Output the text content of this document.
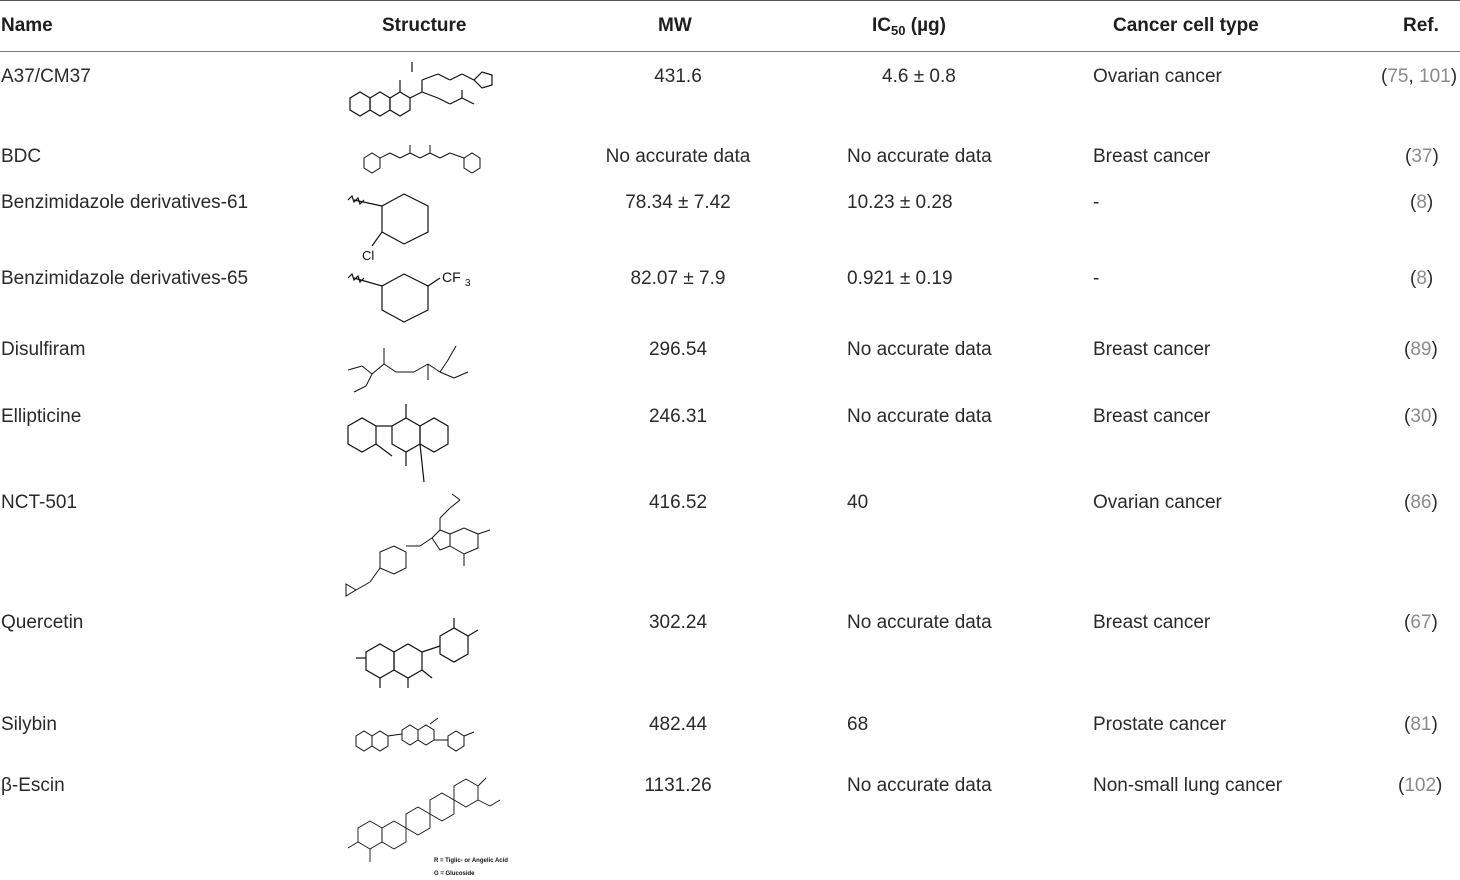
Name	Structure	MW	$IC_{50}$ (µg)	Cancer cell type	Ref.
A37/CM37	431.6	4.6 ± 0.8	Ovarian cancer	(75, 101)
BDC	No accurate data	No accurate data	Breast cancer	(37)
Benzimidazole derivatives-61	78.34 ± 7.42	10.23 ± 0.28	-	(8)
Cl
Benzimidazole derivatives-65	82.07 ± 7.9	0.921 ± 0.19	-	(8)
CF 3
Disulfiram	296.54	No accurate data	Breast cancer	(89)
Ellipticine	246.31	No accurate data	Breast cancer	(30)
NCT-501	416.52	40	Ovarian cancer	(86)
Quercetin	302.24	No accurate data	Breast cancer	(67)
Silybin	482.44	68	Prostate cancer	(81)
β-Escin	1131.26	No accurate data	Non-small lung cancer	(102)
R = Tiglic- or Angelic Acid
G = Glucoside
